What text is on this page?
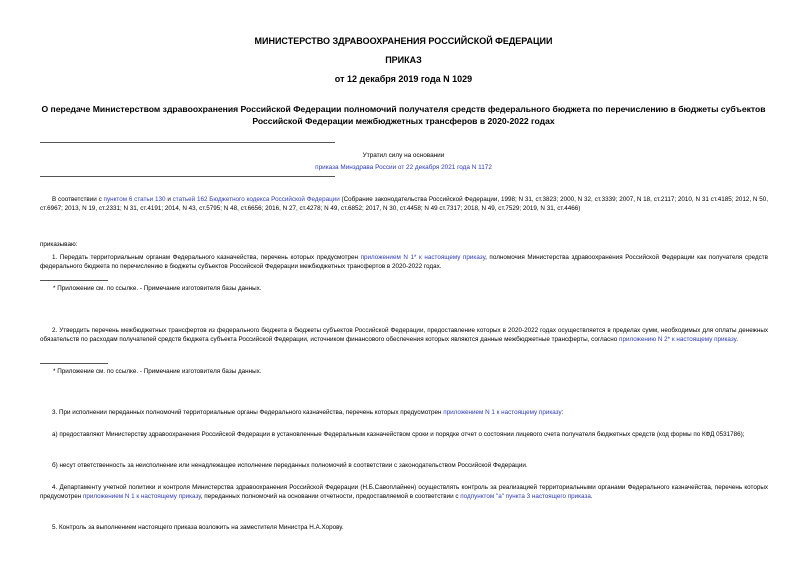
МИНИСТЕРСТВО ЗДРАВООХРАНЕНИЯ РОССИЙСКОЙ ФЕДЕРАЦИИ
ПРИКАЗ
от 12 декабря 2019 года N 1029
О передаче Министерством здравоохранения Российской Федерации полномочий получателя средств федерального бюджета по перечислению в бюджеты субъектов Российской Федерации межбюджетных трансферов в 2020-2022 годах
Утратил силу на основании
приказа Минздрава России от 22 декабря 2021 года N 1172
В соответствии с пунктом 6 статьи 130 и статьей 162 Бюджетного кодекса Российской Федерации (Собрание законодательства Российской Федерации, 1998; N 31, ст.3823; 2000, N 32, ст.3339; 2007, N 18, ст.2117; 2010, N 31 ст.4185; 2012, N 50, ст.6967; 2013, N 19, ст.2331; N 31, ст.4191; 2014, N 43, ст.5795; N 48, ст.6656; 2016, N 27, ст.4278; N 49, ст.6852; 2017, N 30, ст.4458; N 49 ст.7317; 2018, N 49, ст.7529; 2019, N 31, ст.4466)
приказываю:
1. Передать территориальным органам Федерального казначейства, перечень которых предусмотрен приложением N 1* к настоящему приказу, полномочия Министерства здравоохранения Российской Федерации как получателя средств федерального бюджета по перечислению в бюджеты субъектов Российской Федерации межбюджетных трансфертов в 2020-2022 годах.
* Приложение см. по ссылке. - Примечание изготовителя базы данных.
2. Утвердить перечень межбюджетных трансфертов из федерального бюджета в бюджеты субъектов Российской Федерации, предоставление которых в 2020-2022 годах осуществляется в пределах сумм, необходимых для оплаты денежных обязательств по расходам получателей средств бюджета субъекта Российской Федерации, источником финансового обеспечения которых являются данные межбюджетные трансферты, согласно приложению N 2* к настоящему приказу.
* Приложение см. по ссылке. - Примечание изготовителя базы данных.
3. При исполнении переданных полномочий территориальные органы Федерального казначейства, перечень которых предусмотрен приложением N 1 к настоящему приказу:
а) предоставляют Министерству здравоохранения Российской Федерации в установленные Федеральным казначейством сроки и порядке отчет о состоянии лицевого счета получателя бюджетных средств (код формы по КФД 0531786);
б) несут ответственность за неисполнение или ненадлежащее исполнение переданных полномочий в соответствии с законодательством Российской Федерации.
4. Департаменту учетной политики и контроля Министерства здравоохранения Российской Федерации (Н.Б.Савоплайнен) осуществлять контроль за реализацией территориальными органами Федерального казначейства, перечень которых предусмотрен приложением N 1 к настоящему приказу, переданных полномочий на основании отчетности, предоставляемой в соответствии с подпунктом "а" пункта 3 настоящего приказа.
5. Контроль за выполнением настоящего приказа возложить на заместителя Министра Н.А.Хорову.
